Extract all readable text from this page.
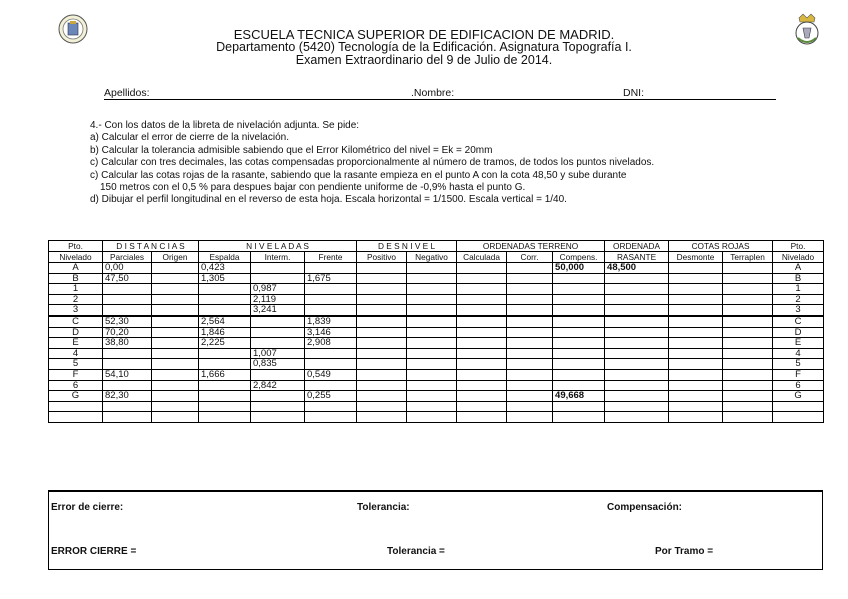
ESCUELA TECNICA SUPERIOR DE EDIFICACION DE MADRID.
Departamento (5420) Tecnología de la Edificación. Asignatura Topografía I.
Examen Extraordinario del 9 de Julio de 2014.
Apellidos:	.Nombre:	DNI:
4.- Con los datos de la libreta de nivelación adjunta. Se pide:
a) Calcular el error de cierre de la nivelación.
b) Calcular la tolerancia admisible sabiendo que el Error Kilométrico del nivel = Ek = 20mm
c) Calcular con tres decimales, las cotas compensadas proporcionalmente al número de tramos, de todos los puntos nivelados.
c) Calcular las cotas rojas de la rasante, sabiendo que la rasante empieza en el punto A con la cota 48,50 y sube durante
150 metros con el 0,5 % para despues bajar con pendiente uniforme de -0,9% hasta el punto G.
d) Dibujar el perfil longitudinal en el reverso de esta hoja. Escala horizontal = 1/1500. Escala vertical = 1/40.
Pto.	D I S T A N C I A S		N I V E L A D A S			D E S N I V E L		ORDENADAS TERRENO			ORDENADA	COTAS ROJAS		Pto.
Nivelado	Parciales	Origen	Espalda	Interm.	Frente	Positivo	Negativo	Calculada	Corr.	Compens.	RASANTE	Desmonte	Terraplen	Nivelado
A	0,00		0,423							50,000	48,500			A
B	47,50		1,305		1,675									B
1				0,987										1
2				2,119										2
3				3,241										3
C	52,30		2,564		1,839									C
D	70,20		1,846		3,146									D
E	38,80		2,225		2,908									E
4				1,007										4
5				0,835										5
F	54,10		1,666		0,549									F
6				2,842										6
G	82,30				0,255					49,668				G

Error de cierre:	Tolerancia:	Compensación:
ERROR CIERRE =	Tolerancia =	Por Tramo =
